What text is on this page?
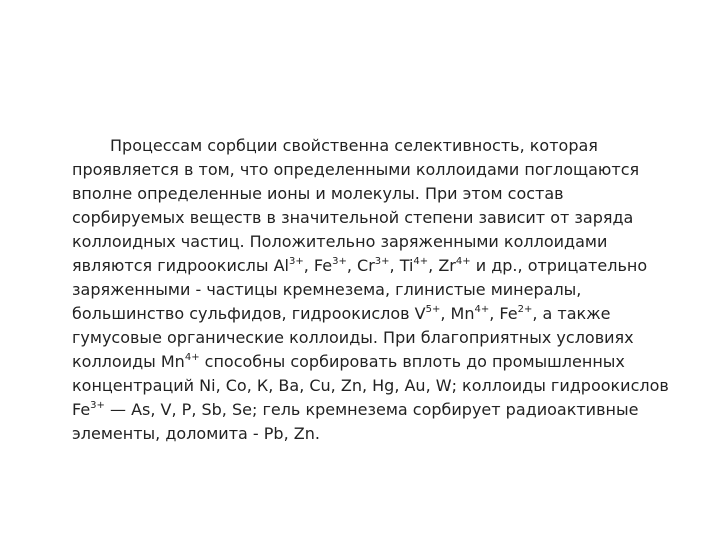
Процессам сорбции свойственна селективность, которая
проявляется в том, что определенными коллоидами поглощаются
вполне определенные ионы и молекулы. При этом состав
сорбируемых веществ в значительной степени зависит от заряда
коллоидных частиц. Положительно заряженными коллоидами
являются гидроокислы $Al^{3+}$, $Fe^{3+}$, $Cr^{3+}$, $Ti^{4+}$, $Zr^{4+}$ и др., отрицательно
заряженными - частицы кремнезема, глинистые минералы,
большинство сульфидов, гидроокислов $V^{5+}$, $Mn^{4+}$, $Fe^{2+}$, а также
гумусовые органические коллоиды. При благоприятных условиях
коллоиды $Mn^{4+}$ способны сорбировать вплоть до промышленных
концентраций Ni, Co, К, Ba, Cu, Zn, Hg, Au, W; коллоиды гидроокислов
$Fe^{3+}$ — As, V, P, Sb, Se; гель кремнезема сорбирует радиоактивные
элементы, доломита - Pb, Zn.
